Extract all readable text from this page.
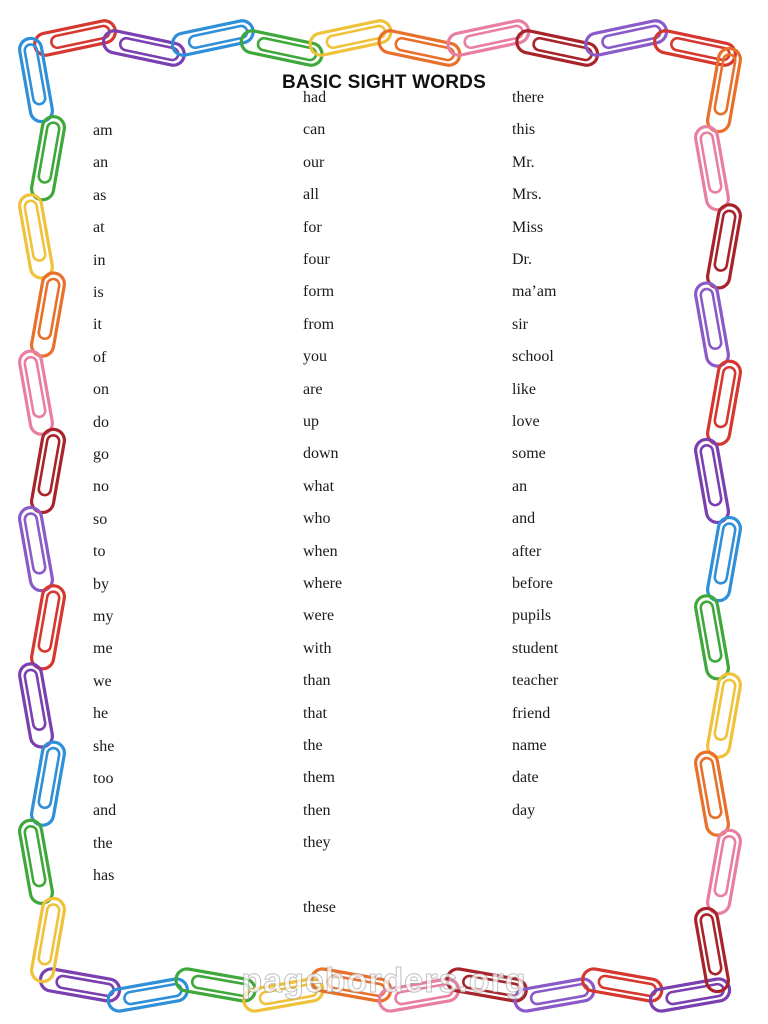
BASIC SIGHT WORDS
am
an
as
at
in
is
it
of
on
do
go
no
so
to
by
my
me
we
he
she
too
and
the
has
had
can
our
all
for
four
form
from
you
are
up
down
what
who
when
where
were
with
than
that
the
them
then
they
these
there
this
Mr.
Mrs.
Miss
Dr.
ma’am
sir
school
like
love
some
an
and
after
before
pupils
student
teacher
friend
name
date
day
pageborders.org
